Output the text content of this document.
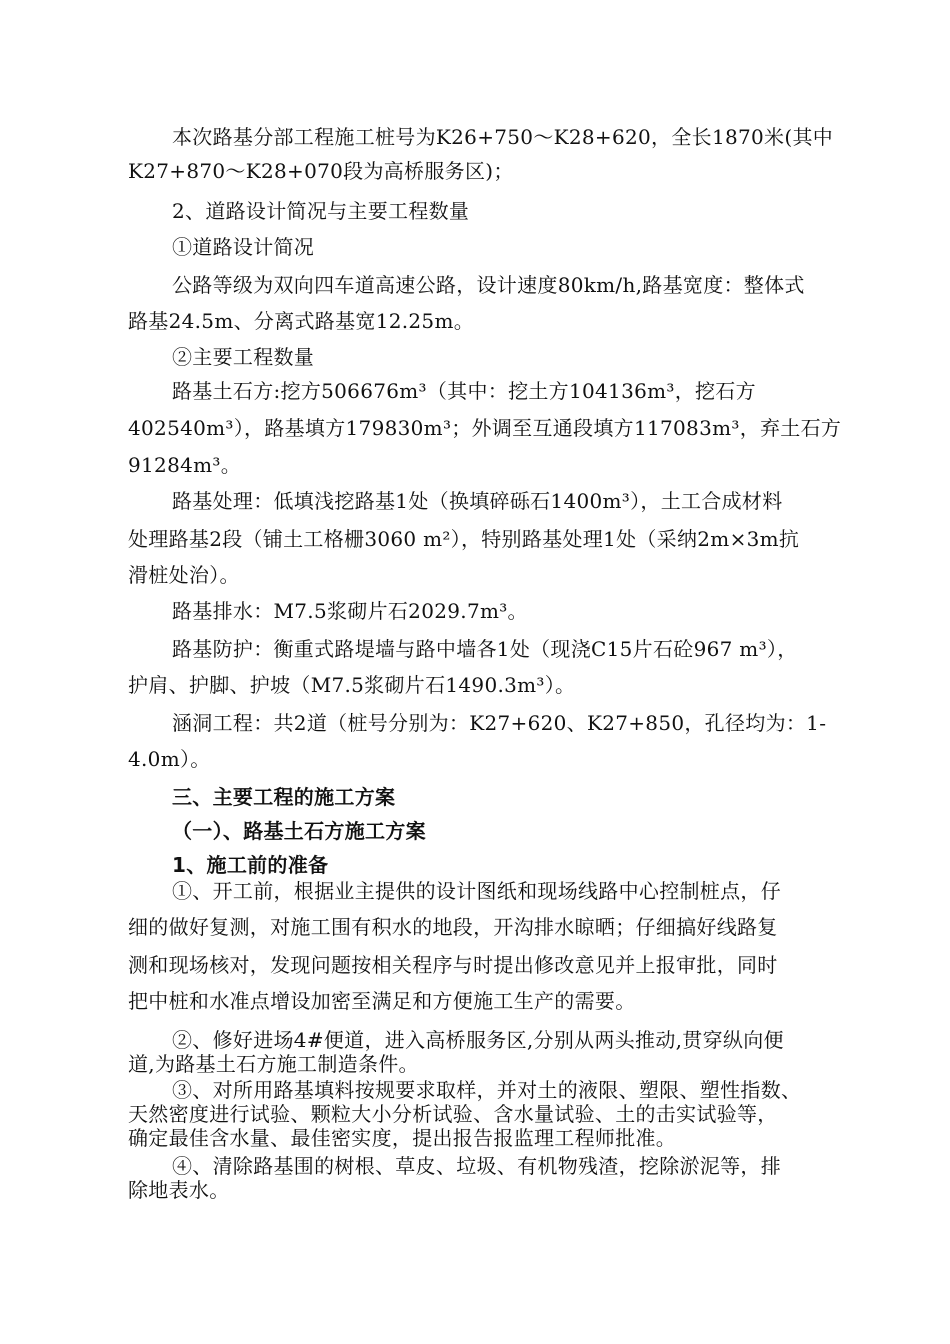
本次路基分部工程施工桩号为K26+750～K28+620，全长1870米(其中

K27+870～K28+070段为高桥服务区)；

2、道路设计简况与主要工程数量

①道路设计简况

公路等级为双向四车道高速公路，设计速度80km/h,路基宽度：整体式

路基24.5m、分离式路基宽12.25m。

②主要工程数量

路基土石方:挖方506676m³（其中：挖土方104136m³，挖石方

402540m³），路基填方179830m³；外调至互通段填方117083m³，弃土石方

91284m³。

路基处理：低填浅挖路基1处（换填碎砾石1400m³），土工合成材料

处理路基2段（铺土工格栅3060 m²），特别路基处理1处（采纳2m×3m抗

滑桩处治）。

路基排水：M7.5浆砌片石2029.7m³。

路基防护：衡重式路堤墙与路中墙各1处（现浇C15片石砼967 m³），

护肩、护脚、护坡（M7.5浆砌片石1490.3m³）。

涵洞工程：共2道（桩号分别为：K27+620、K27+850，孔径均为：1-

4.0m）。

三、主要工程的施工方案

（一）、路基土石方施工方案

1、施工前的准备

①、开工前，根据业主提供的设计图纸和现场线路中心控制桩点，仔

细的做好复测，对施工围有积水的地段，开沟排水晾晒；仔细搞好线路复

测和现场核对，发现问题按相关程序与时提出修改意见并上报审批，同时

把中桩和水准点增设加密至满足和方便施工生产的需要。

②、修好进场4#便道，进入高桥服务区,分别从两头推动,贯穿纵向便

道,为路基土石方施工制造条件。

③、对所用路基填料按规要求取样，并对土的液限、塑限、塑性指数、

天然密度进行试验、颗粒大小分析试验、含水量试验、土的击实试验等，

确定最佳含水量、最佳密实度，提出报告报监理工程师批准。

④、清除路基围的树根、草皮、垃圾、有机物残渣，挖除淤泥等，排

除地表水。
